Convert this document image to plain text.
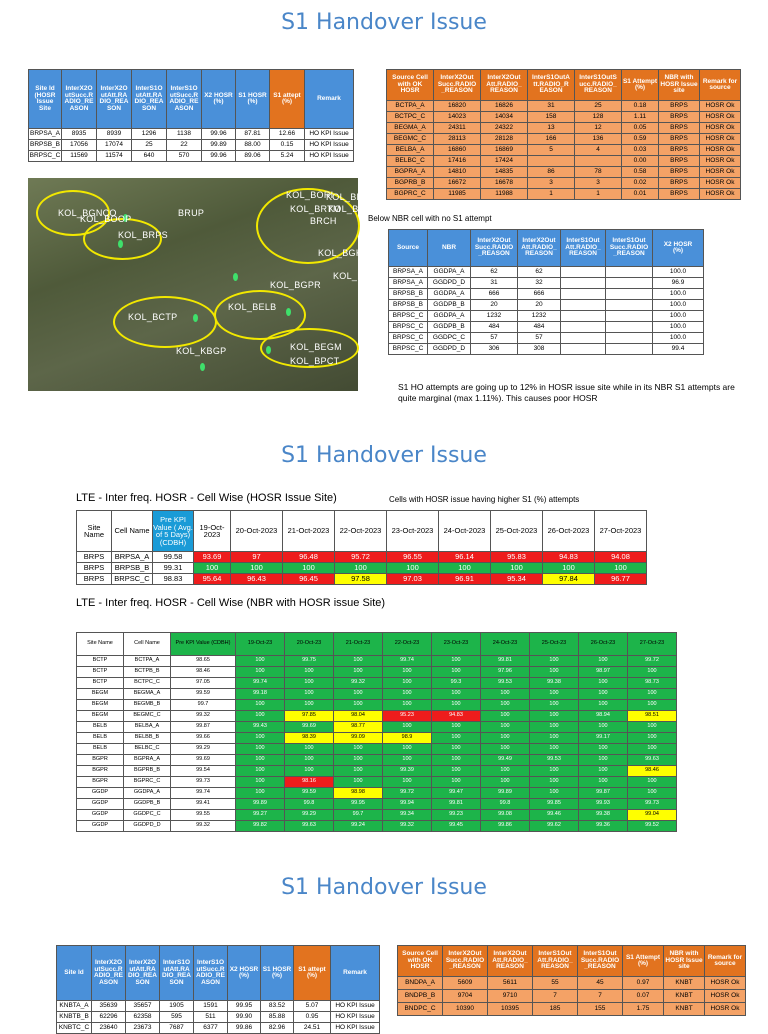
S1 Handover Issue
S1 Handover Issue
S1 Handover Issue
Site Id
(HOSR
Issue
Site	InterX2O
utSucc.R
ADIO_RE
ASON	InterX2O
utAtt.RA
DIO_REA
SON	InterS1O
utAtt.RA
DIO_REA
SON	InterS1O
utSucc.R
ADIO_RE
ASON	X2 HOSR
(%)	S1 HOSR
(%)	S1 attept
(%)	Remark
BRPSA_A	8935	8939	1296	1138	99.96	87.81	12.66	HO KPI Issue
BRPSB_B	17056	17074	25	22	99.89	88.00	0.15	HO KPI Issue
BRPSC_C	11569	11574	640	570	99.96	89.06	5.24	HO KPI Issue
Source Cell
with OK
HOSR	InterX2Out
Succ.RADIO
_REASON	InterX2Out
Att.RADIO_
REASON	InterS1OutA
tt.RADIO_R
EASON	InterS1OutS
ucc.RADIO_
REASON	S1 Attempt
(%)	NBR with
HOSR Issue
site	Remark for
source
BCTPA_A	16820	16826	31	25	0.18	BRPS	HOSR Ok
BCTPC_C	14023	14034	158	128	1.11	BRPS	HOSR Ok
BEGMA_A	24311	24322	13	12	0.05	BRPS	HOSR Ok
BEGMC_C	28113	28128	166	136	0.59	BRPS	HOSR Ok
BELBA_A	16860	16869	5	4	0.03	BRPS	HOSR Ok
BELBC_C	17416	17424			0.00	BRPS	HOSR Ok
BGPRA_A	14810	14835	86	78	0.58	BRPS	HOSR Ok
BGPRB_B	16672	16678	3	3	0.02	BRPS	HOSR Ok
BGPRC_C	11985	11988	1	1	0.01	BRPS	HOSR Ok
KOL_BGNCO
KOL_BOOP
KOL_BRPS
BRUP
KOL_BORI
KOL_BRKP
KOL_BRTM
KOL_BGR
BRCH
KOL_BGKS
KOL_BGPR
KOL_RAP
KOL_BELB
KOL_BCTP
KOL_BEGM
KOL_KBGP
KOL_BPCT
Below NBR cell with no S1 attempt
Source	NBR	InterX2Out
Succ.RADIO
_REASON	InterX2Out
Att.RADIO_
REASON	InterS1Out
Att.RADIO_
REASON	InterS1Out
Succ.RADIO
_REASON	X2 HOSR
(%)
BRPSA_A	GGDPA_A	62	62			100.0
BRPSA_A	GGDPD_D	31	32			96.9
BRPSB_B	GGDPA_A	666	666			100.0
BRPSB_B	GGDPB_B	20	20			100.0
BRPSC_C	GGDPA_A	1232	1232			100.0
BRPSC_C	GGDPB_B	484	484			100.0
BRPSC_C	GGDPC_C	57	57			100.0
BRPSC_C	GGDPD_D	306	308			99.4
S1 HO attempts are going up to 12% in HOSR issue site while in its NBR S1 attempts are quite marginal (max 1.11%). This causes poor HOSR
LTE - Inter freq. HOSR - Cell Wise (HOSR Issue Site)	Cells with HOSR issue having higher S1 (%) attempts
Site Name	Cell Name	Pre KPI Value ( Avg. of 5 Days) (CDBH)	19-Oct-2023	20-Oct-2023	21-Oct-2023	22-Oct-2023	23-Oct-2023	24-Oct-2023	25-Oct-2023	26-Oct-2023	27-Oct-2023
BRPS	BRPSA_A	99.58	93.69	97	96.48	95.72	96.55	96.14	95.83	94.83	94.08
BRPS	BRPSB_B	99.31	100	100	100	100	100	100	100	100	100
BRPS	BRPSC_C	98.83	95.64	96.43	96.45	97.58	97.03	96.91	95.34	97.84	96.77
LTE - Inter freq. HOSR - Cell Wise (NBR with HOSR issue Site)
Site Name	Cell Name	Pre KPI Value (CDBH)	19-Oct-23	20-Oct-23	21-Oct-23	22-Oct-23	23-Oct-23	24-Oct-23	25-Oct-23	26-Oct-23	27-Oct-23
BCTP	BCTPA_A	98.65	100	99.75	100	99.74	100	99.81	100	100	99.72
BCTP	BCTPB_B	98.46	100	100	100	100	100	97.96	100	98.97	100
BCTP	BCTPC_C	97.05	99.74	100	99.32	100	99.3	99.53	99.38	100	98.73
BEGM	BEGMA_A	99.59	99.18	100	100	100	100	100	100	100	100
BEGM	BEGMB_B	99.7	100	100	100	100	100	100	100	100	100
BEGM	BEGMC_C	99.32	100	97.85	98.04	95.23	94.83	100	100	98.94	98.51
BELB	BELBA_A	99.87	99.43	99.69	98.77	100	100	100	100	100	100
BELB	BELBB_B	99.66	100	98.39	99.09	98.9	100	100	100	99.17	100
BELB	BELBC_C	99.29	100	100	100	100	100	100	100	100	100
BGPR	BGPRA_A	99.69	100	100	100	100	100	99.49	99.53	100	99.63
BGPR	BGPRB_B	99.54	100	100	100	99.39	100	100	100	100	98.46
BGPR	BGPRC_C	99.73	100	98.16	100	100	100	100	100	100	100
GGDP	GGDPA_A	99.74	100	99.59	98.98	99.72	99.47	99.89	100	99.87	100
GGDP	GGDPB_B	99.41	99.89	99.8	99.95	99.94	99.81	99.8	99.85	99.93	99.73
GGDP	GGDPC_C	99.55	99.27	99.29	99.7	99.34	99.23	99.08	99.46	99.38	99.04
GGDP	GGDPD_D	99.32	99.82	99.63	99.24	99.32	99.45	99.86	99.62	99.36	99.52
Site Id	InterX2O
utSucc.R
ADIO_RE
ASON	InterX2O
utAtt.RA
DIO_REA
SON	InterS1O
utAtt.RA
DIO_REA
SON	InterS1O
utSucc.R
ADIO_RE
ASON	X2 HOSR
(%)	S1 HOSR
(%)	S1 attept
(%)	Remark
KNBTA_A	35639	35657	1905	1591	99.95	83.52	5.07	HO KPI Issue
KNBTB_B	62296	62358	595	511	99.90	85.88	0.95	HO KPI Issue
KNBTC_C	23640	23673	7687	6377	99.86	82.96	24.51	HO KPI Issue
Source Cell
with OK
HOSR	InterX2Out
Succ.RADIO
_REASON	InterX2Out
Att.RADIO_
REASON	InterS1Out
Att.RADIO_
REASON	InterS1Out
Succ.RADIO
_REASON	S1 Attempt
(%)	NBR with
HOSR Issue
site	Remark for
source
BNDPA_A	5609	5611	55	45	0.97	KNBT	HOSR Ok
BNDPB_B	9704	9710	7	7	0.07	KNBT	HOSR Ok
BNDPC_C	10390	10395	185	155	1.75	KNBT	HOSR Ok
